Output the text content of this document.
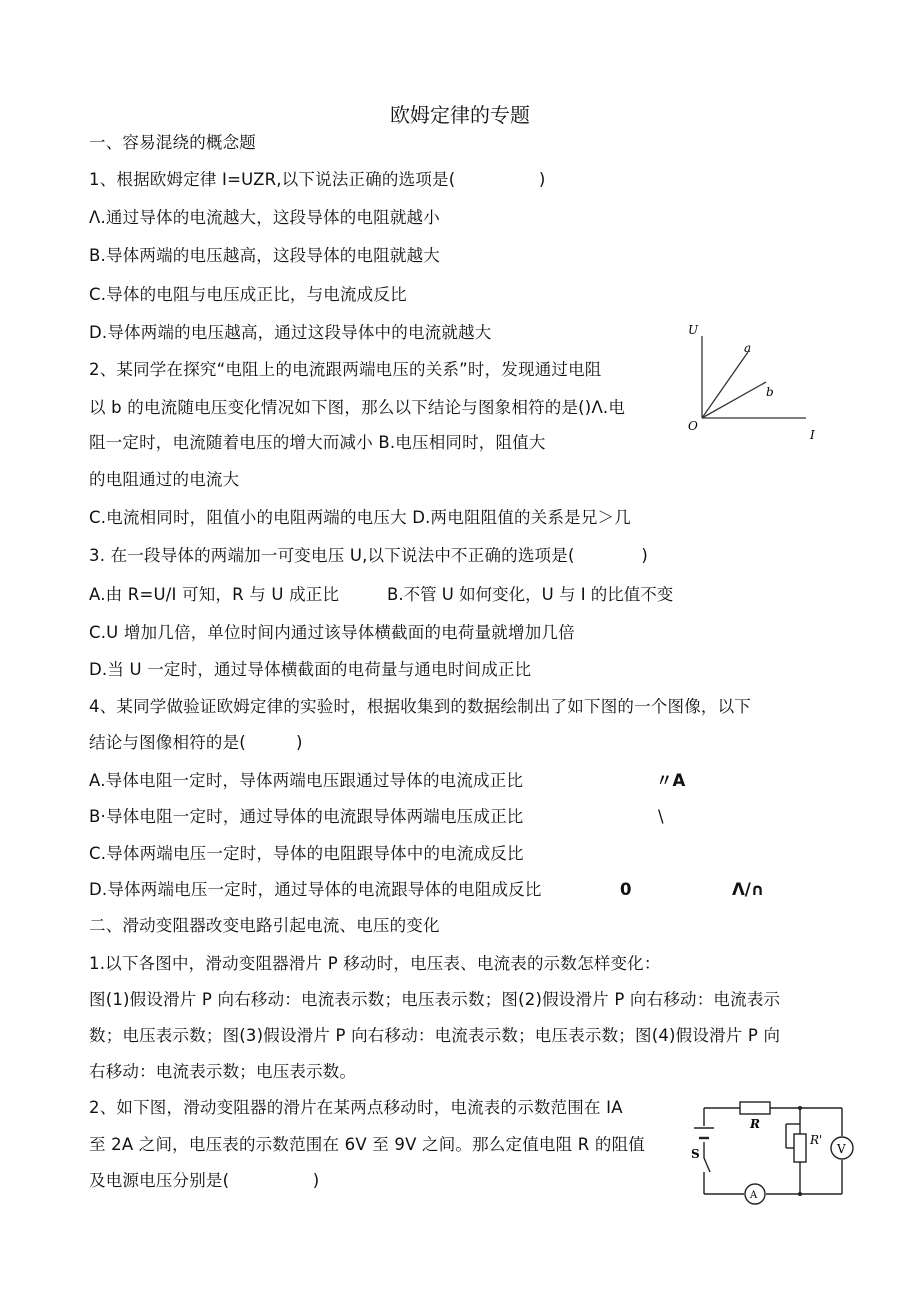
欧姆定律的专题
一、容易混绕的概念题
1、根据欧姆定律 I=UZR,以下说法正确的选项是(　　　　　)
Λ.通过导体的电流越大，这段导体的电阻就越小
B.导体两端的电压越高，这段导体的电阻就越大
C.导体的电阻与电压成正比，与电流成反比
D.导体两端的电压越高，通过这段导体中的电流就越大
2、某同学在探究“电阻上的电流跟两端电压的关系”时，发现通过电阻
以 b 的电流随电压变化情况如下图，那么以下结论与图象相符的是()Λ.电
阻一定时，电流随着电压的增大而减小 B.电压相同时，阻值大
的电阻通过的电流大
C.电流相同时，阻值小的电阻两端的电压大 D.两电阻阻值的关系是兄＞几
3. 在一段导体的两端加一可变电压 U,以下说法中不正确的选项是(　　　　)
A.由 R=U/I 可知，R 与 U 成正比	B.不管 U 如何变化，U 与 I 的比值不变
C.U 增加几倍，单位时间内通过该导体横截面的电荷量就增加几倍
D.当 U 一定时，通过导体横截面的电荷量与通电时间成正比
4、某同学做验证欧姆定律的实验时，根据收集到的数据绘制出了如下图的一个图像，以下
结论与图像相符的是(　　　)
A.导体电阻一定时，导体两端电压跟通过导体的电流成正比
B·导体电阻一定时，通过导体的电流跟导体两端电压成正比
C.导体两端电压一定时，导体的电阻跟导体中的电流成反比
D.导体两端电压一定时，通过导体的电流跟导体的电阻成反比
二、滑动变阻器改变电路引起电流、电压的变化
1.以下各图中，滑动变阻器滑片 P 移动时，电压表、电流表的示数怎样变化：
图(1)假设滑片 P 向右移动：电流表示数；电压表示数；图(2)假设滑片 P 向右移动：电流表示
数；电压表示数；图(3)假设滑片 P 向右移动：电流表示数；电压表示数；图(4)假设滑片 P 向
右移动：电流表示数；电压表示数。
2、如下图，滑动变阻器的滑片在某两点移动时，电流表的示数范围在 IA
至 2A 之间，电压表的示数范围在 6V 至 9V 之间。那么定值电阻 R 的阻值
及电源电压分别是(　　　　　)
U
a
b
O
I
〃A
\
0	Λ/∩
R
R'
V
A
S
